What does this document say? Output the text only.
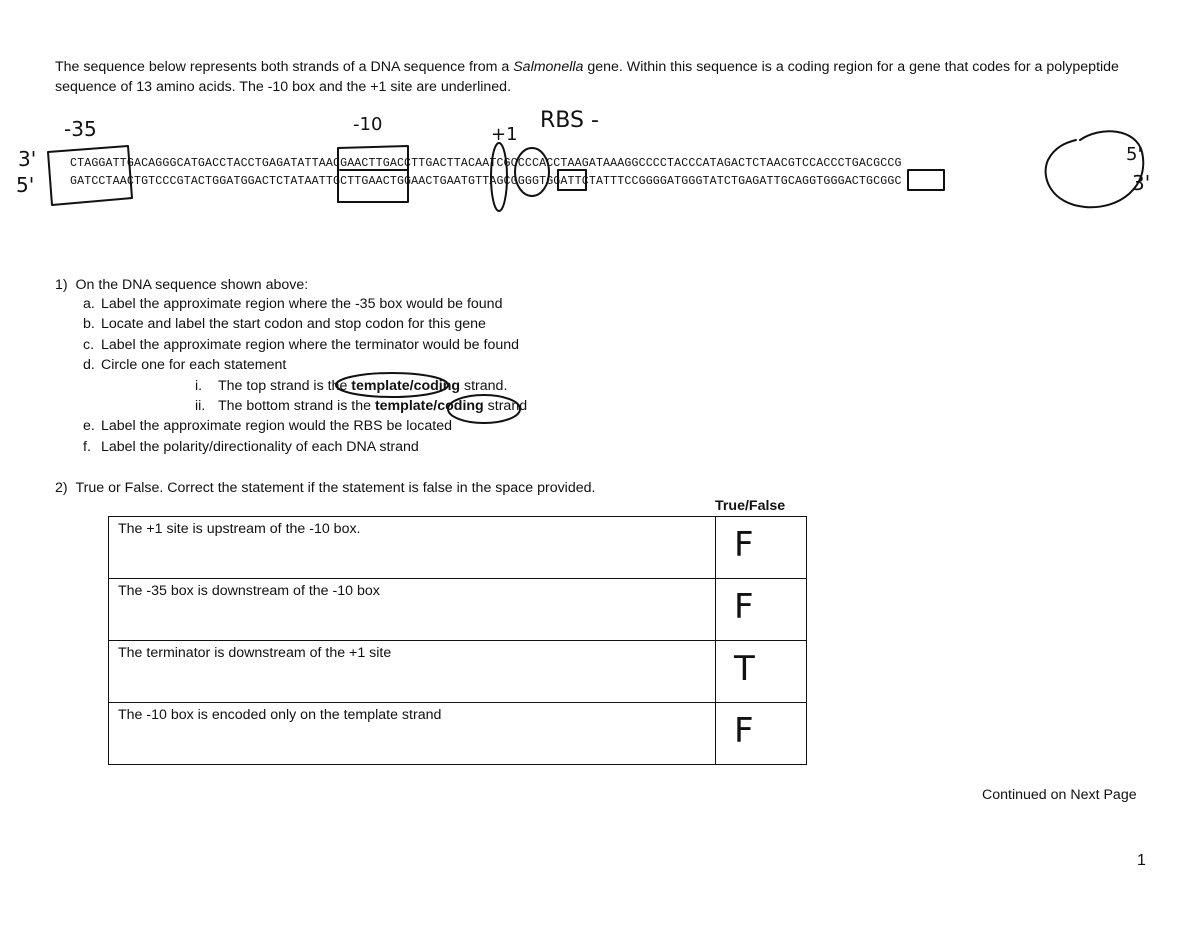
The sequence below represents both strands of a DNA sequence from a Salmonella gene. Within this sequence is a coding region for a gene that codes for a polypeptide sequence of 13 amino acids. The -10 box and the +1 site are underlined.
CTAGGATTGACAGGGCATGACCTACCTGAGATATTAACGAACTTGACCTTGACTTACAATCGCCCCACCTAAGATAAAGGCCCCTACCCATAGACTCTAACGTCCACCCTGACGCCG
GATCCTAACTGTCCCGTACTGGATGGACTCTATAATTGCTTGAACTGGAACTGAATGTTAGCGGGGTGGATTCTATTTCCGGGGATGGGTATCTGAGATTGCAGGTGGGACTGCGGC
3'
5'
5'
3'
-35	-10	+1
RBS -
1) On the DNA sequence shown above:
a. Label the approximate region where the -35 box would be found
b. Locate and label the start codon and stop codon for this gene
c. Label the approximate region where the terminator would be found
d. Circle one for each statement
i. The top strand is the template/coding strand.
ii. The bottom strand is the template/coding strand
e. Label the approximate region would the RBS be located
f. Label the polarity/directionality of each DNA strand
2) True or False. Correct the statement if the statement is false in the space provided.
True/False
The +1 site is upstream of the -10 box.	F

The -35 box is downstream of the -10 box	F

The terminator is downstream of the +1 site	T

The -10 box is encoded only on the template strand	F
Continued on Next Page
1
